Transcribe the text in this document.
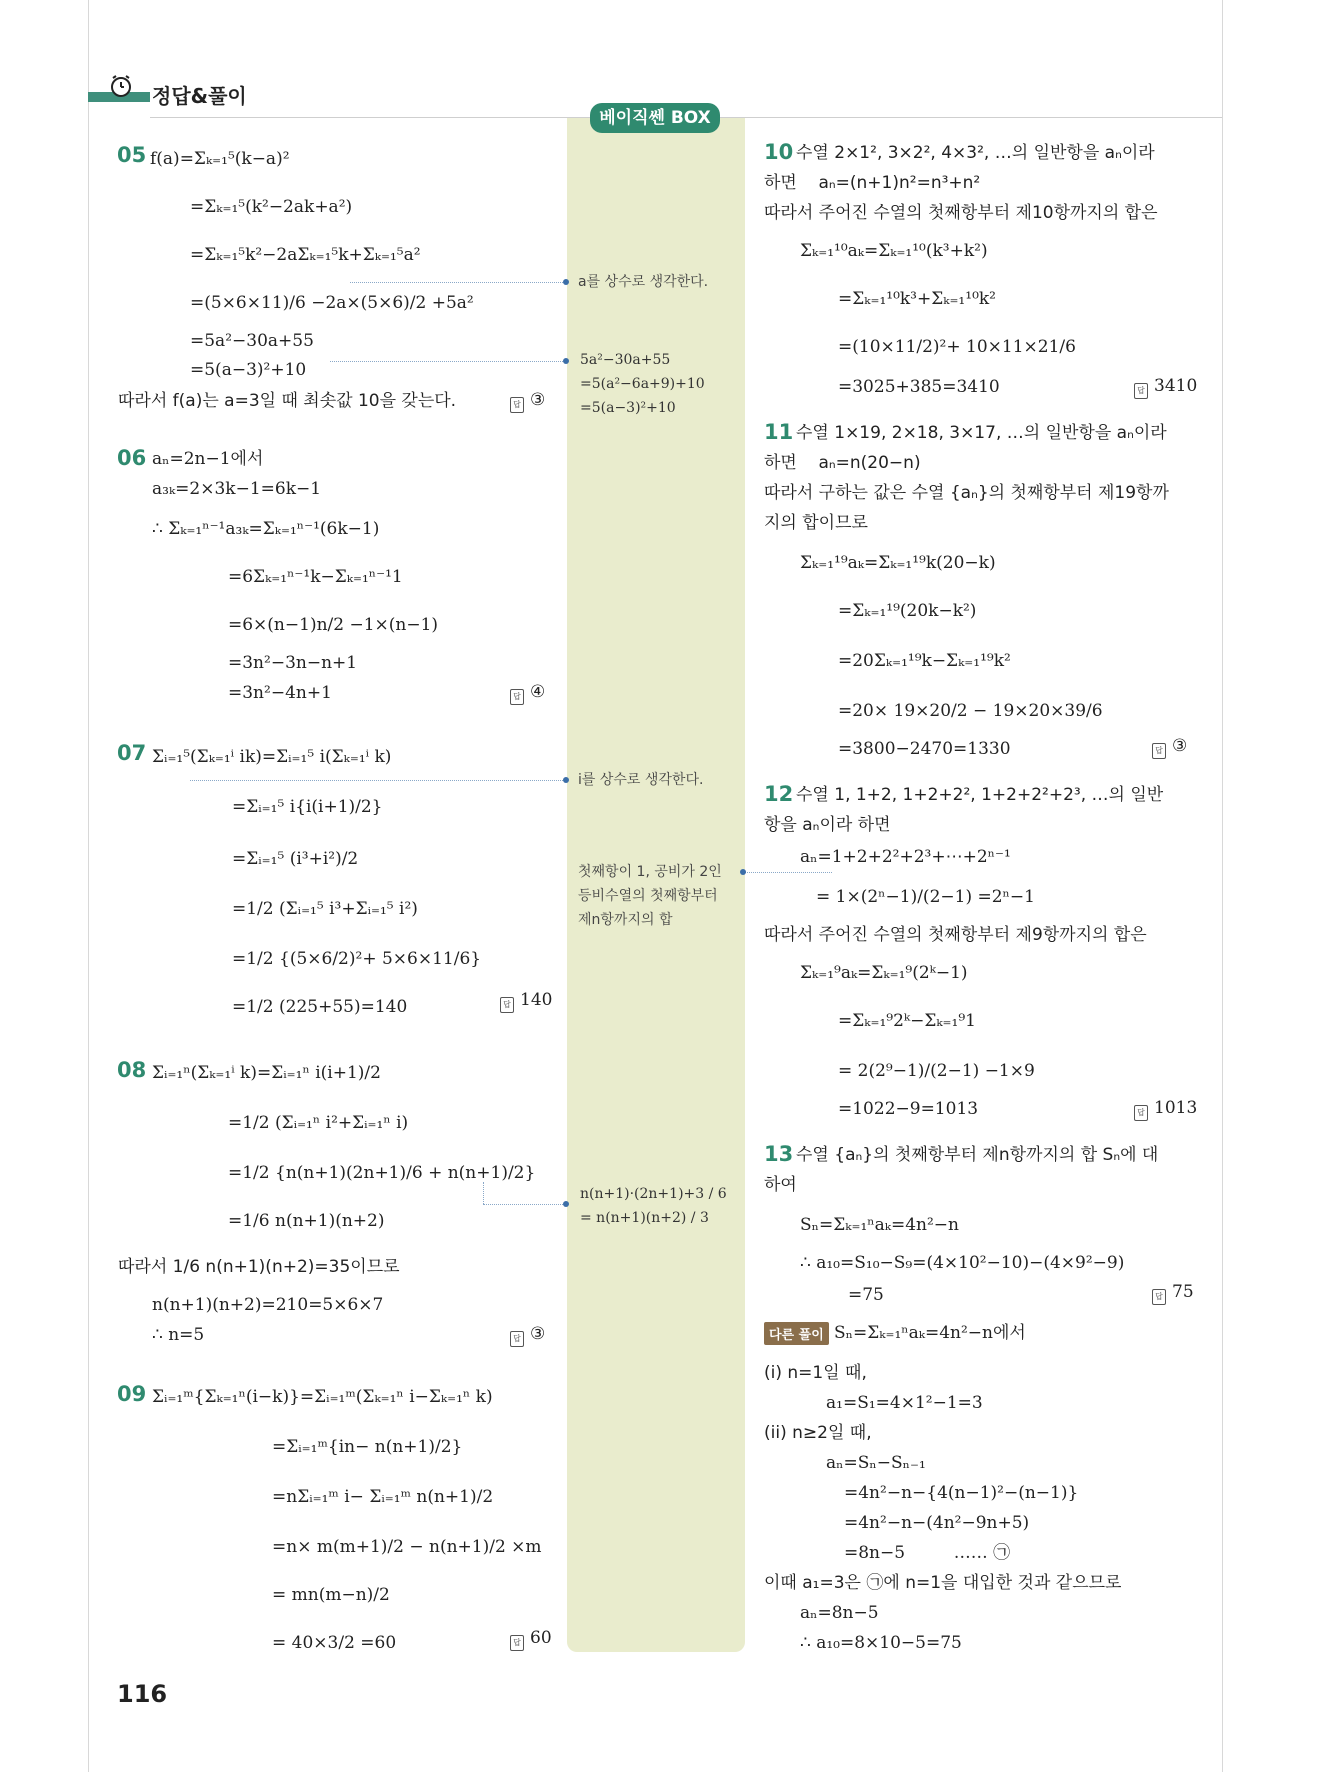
정답&풀이
베이직쎈 BOX
a를 상수로 생각한다.
5a²−30a+55
=5(a²−6a+9)+10
=5(a−3)²+10
i를 상수로 생각한다.
첫째항이 1, 공비가 2인
등비수열의 첫째항부터
제n항까지의 합
n(n+1)·(2n+1)+3 / 6
= n(n+1)(n+2) / 3
05 f(a)=Σₖ₌₁⁵(k−a)²
=Σₖ₌₁⁵(k²−2ak+a²)
=Σₖ₌₁⁵k²−2aΣₖ₌₁⁵k+Σₖ₌₁⁵a²
=(5×6×11)/6 −2a×(5×6)/2 +5a²
=5a²−30a+55
=5(a−3)²+10
따라서 f(a)는 a=3일 때 최솟값 10을 갖는다.	답 ③
06 aₙ=2n−1에서
a₃ₖ=2×3k−1=6k−1
∴ Σₖ₌₁ⁿ⁻¹a₃ₖ=Σₖ₌₁ⁿ⁻¹(6k−1)
=6Σₖ₌₁ⁿ⁻¹k−Σₖ₌₁ⁿ⁻¹1
=6×(n−1)n/2 −1×(n−1)
=3n²−3n−n+1
=3n²−4n+1	답 ④
07 Σᵢ₌₁⁵(Σₖ₌₁ⁱ ik)=Σᵢ₌₁⁵ i(Σₖ₌₁ⁱ k)
=Σᵢ₌₁⁵ i{i(i+1)/2}
=Σᵢ₌₁⁵ (i³+i²)/2
=1/2 (Σᵢ₌₁⁵ i³+Σᵢ₌₁⁵ i²)
=1/2 {(5×6/2)²+ 5×6×11/6}
=1/2 (225+55)=140	답 140
08 Σᵢ₌₁ⁿ(Σₖ₌₁ⁱ k)=Σᵢ₌₁ⁿ i(i+1)/2
=1/2 (Σᵢ₌₁ⁿ i²+Σᵢ₌₁ⁿ i)
=1/2 {n(n+1)(2n+1)/6 + n(n+1)/2}
=1/6 n(n+1)(n+2)
따라서 1/6 n(n+1)(n+2)=35이므로
n(n+1)(n+2)=210=5×6×7
∴ n=5	답 ③
09 Σᵢ₌₁ᵐ{Σₖ₌₁ⁿ(i−k)}=Σᵢ₌₁ᵐ(Σₖ₌₁ⁿ i−Σₖ₌₁ⁿ k)
=Σᵢ₌₁ᵐ{in− n(n+1)/2}
=nΣᵢ₌₁ᵐ i− Σᵢ₌₁ᵐ n(n+1)/2
=n× m(m+1)/2 − n(n+1)/2 ×m
= mn(m−n)/2
= 40×3/2 =60	답 60
10 수열 2×1², 3×2², 4×3², …의 일반항을 aₙ이라
하면    aₙ=(n+1)n²=n³+n²
따라서 주어진 수열의 첫째항부터 제10항까지의 합은
Σₖ₌₁¹⁰aₖ=Σₖ₌₁¹⁰(k³+k²)
=Σₖ₌₁¹⁰k³+Σₖ₌₁¹⁰k²
=(10×11/2)²+ 10×11×21/6
=3025+385=3410	답 3410
11 수열 1×19, 2×18, 3×17, …의 일반항을 aₙ이라
하면    aₙ=n(20−n)
따라서 구하는 값은 수열 {aₙ}의 첫째항부터 제19항까
지의 합이므로
Σₖ₌₁¹⁹aₖ=Σₖ₌₁¹⁹k(20−k)
=Σₖ₌₁¹⁹(20k−k²)
=20Σₖ₌₁¹⁹k−Σₖ₌₁¹⁹k²
=20× 19×20/2 − 19×20×39/6
=3800−2470=1330	답 ③
12 수열 1, 1+2, 1+2+2², 1+2+2²+2³, …의 일반
항을 aₙ이라 하면
aₙ=1+2+2²+2³+⋯+2ⁿ⁻¹
= 1×(2ⁿ−1)/(2−1) =2ⁿ−1
따라서 주어진 수열의 첫째항부터 제9항까지의 합은
Σₖ₌₁⁹aₖ=Σₖ₌₁⁹(2ᵏ−1)
=Σₖ₌₁⁹2ᵏ−Σₖ₌₁⁹1
= 2(2⁹−1)/(2−1) −1×9
=1022−9=1013	답 1013
13 수열 {aₙ}의 첫째항부터 제n항까지의 합 Sₙ에 대
하여
Sₙ=Σₖ₌₁ⁿaₖ=4n²−n
∴ a₁₀=S₁₀−S₉=(4×10²−10)−(4×9²−9)
=75	답 75
다른 풀이 Sₙ=Σₖ₌₁ⁿaₖ=4n²−n에서
(i) n=1일 때,
a₁=S₁=4×1²−1=3
(ii) n≥2일 때,
aₙ=Sₙ−Sₙ₋₁
=4n²−n−{4(n−1)²−(n−1)}
=4n²−n−(4n²−9n+5)
=8n−5         …… ㉠
이때 a₁=3은 ㉠에 n=1을 대입한 것과 같으므로
aₙ=8n−5
∴ a₁₀=8×10−5=75
116
